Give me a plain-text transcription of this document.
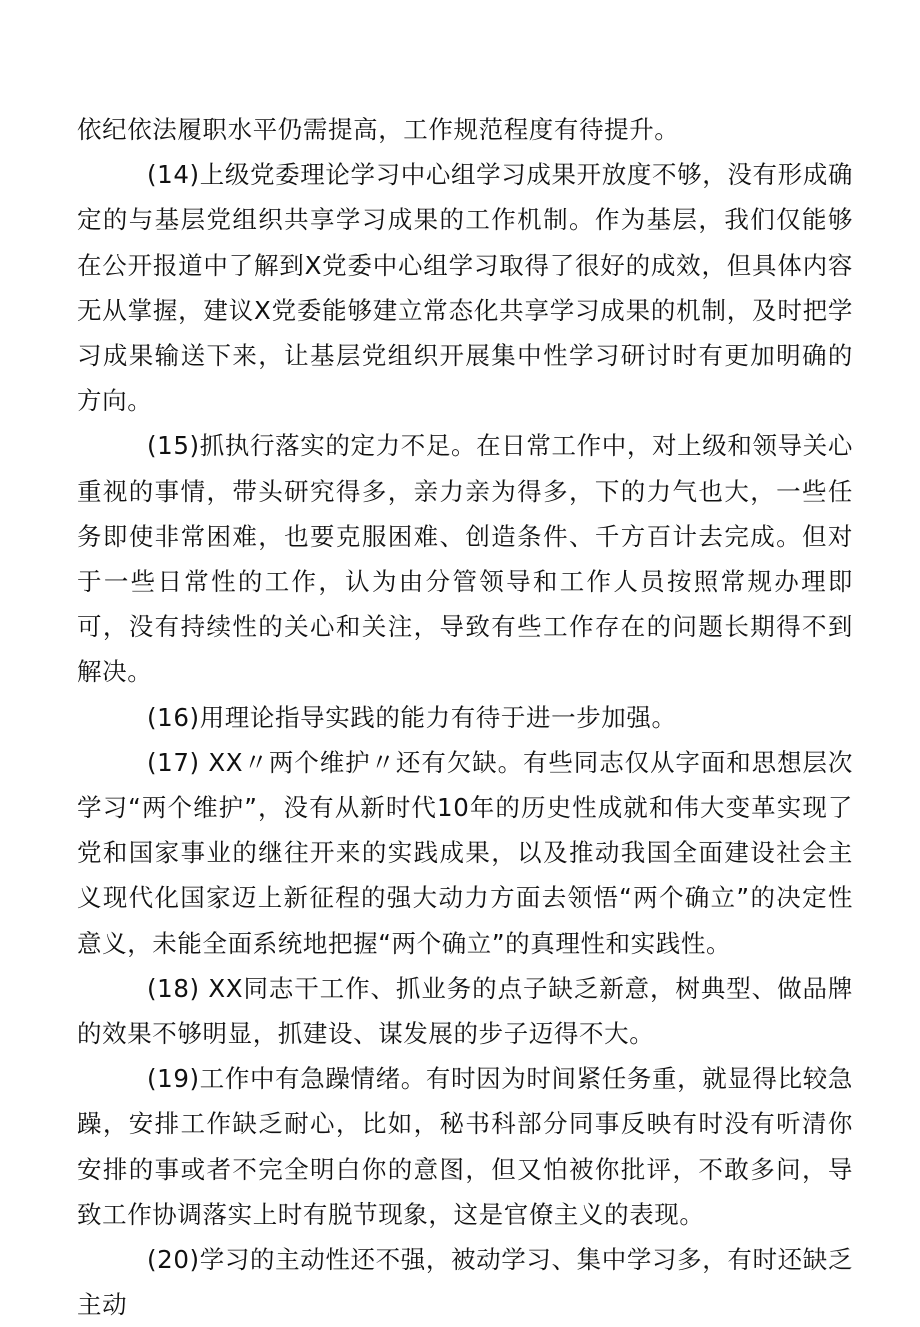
依纪依法履职水平仍需提高，工作规范程度有待提升。

(14)上级党委理论学习中心组学习成果开放度不够，没有形成确定的与基层党组织共享学习成果的工作机制。作为基层，我们仅能够在公开报道中了解到X党委中心组学习取得了很好的成效，但具体内容无从掌握，建议X党委能够建立常态化共享学习成果的机制，及时把学习成果输送下来，让基层党组织开展集中性学习研讨时有更加明确的方向。

(15)抓执行落实的定力不足。在日常工作中，对上级和领导关心重视的事情，带头研究得多，亲力亲为得多，下的力气也大，一些任务即使非常困难，也要克服困难、创造条件、千方百计去完成。但对于一些日常性的工作，认为由分管领导和工作人员按照常规办理即可，没有持续性的关心和关注，导致有些工作存在的问题长期得不到解决。

(16)用理论指导实践的能力有待于进一步加强。

(17) XX〃两个维护〃还有欠缺。有些同志仅从字面和思想层次学习“两个维护”，没有从新时代10年的历史性成就和伟大变革实现了党和国家事业的继往开来的实践成果，以及推动我国全面建设社会主义现代化国家迈上新征程的强大动力方面去领悟“两个确立”的决定性意义，未能全面系统地把握“两个确立”的真理性和实践性。

(18) XX同志干工作、抓业务的点子缺乏新意，树典型、做品牌的效果不够明显，抓建设、谋发展的步子迈得不大。

(19)工作中有急躁情绪。有时因为时间紧任务重，就显得比较急躁，安排工作缺乏耐心，比如，秘书科部分同事反映有时没有听清你安排的事或者不完全明白你的意图，但又怕被你批评，不敢多问，导致工作协调落实上时有脱节现象，这是官僚主义的表现。

(20)学习的主动性还不强，被动学习、集中学习多，有时还缺乏主动
